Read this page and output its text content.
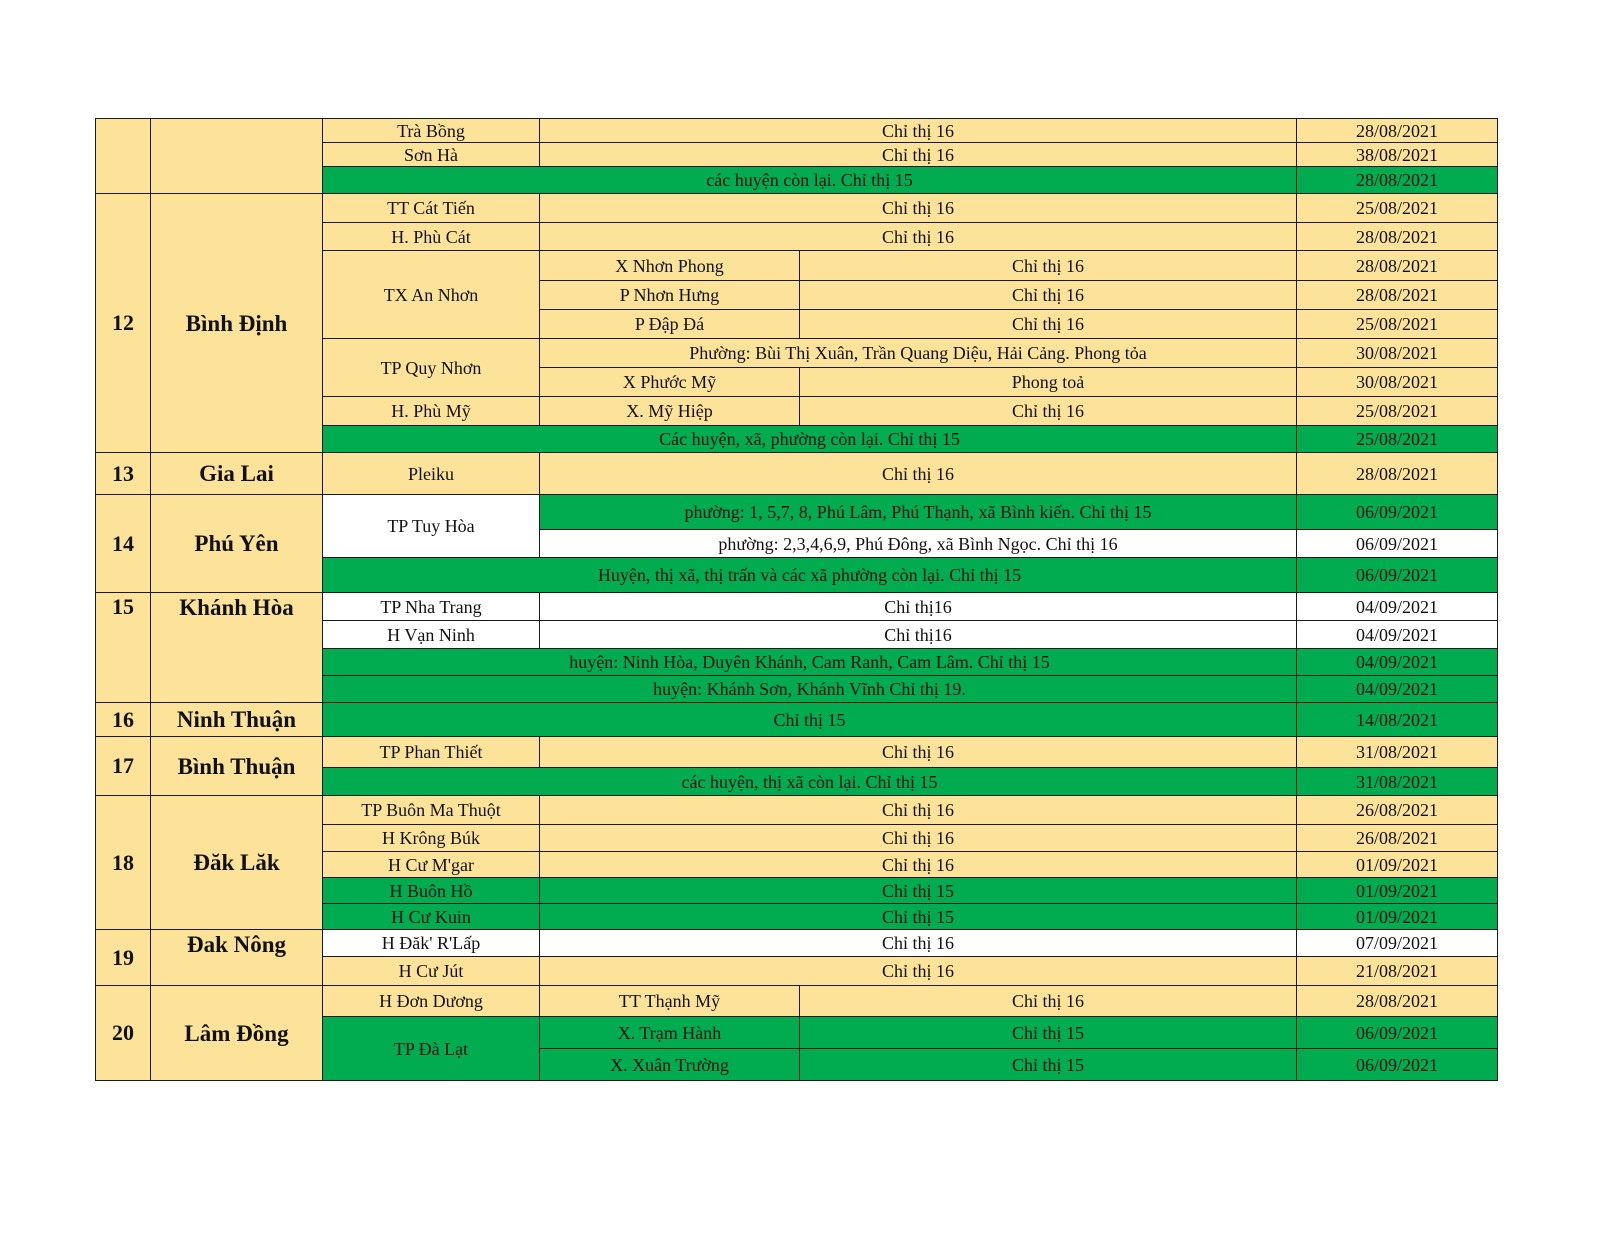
		Trà Bồng	Chỉ thị 16		28/08/2021
		Sơn Hà	Chỉ thị 16		38/08/2021
		các huyện còn lại. Chỉ thị 15			28/08/2021
12	Bình Định	TT Cát Tiến	Chỉ thị 16		25/08/2021
		H. Phù Cát	Chỉ thị 16		28/08/2021
		TX An Nhơn	X Nhơn Phong	Chỉ thị 16	28/08/2021
			P Nhơn Hưng	Chỉ thị 16	28/08/2021
			P Đập Đá	Chỉ thị 16	25/08/2021
		TP Quy Nhơn	Phường: Bùi Thị Xuân, Trần Quang Diệu, Hải Cảng. Phong tỏa		30/08/2021
			X Phước Mỹ	Phong toả	30/08/2021
		H. Phù Mỹ	X. Mỹ Hiệp	Chỉ thị 16	25/08/2021
		Các huyện, xã, phường còn lại. Chỉ thị 15			25/08/2021
13	Gia Lai	Pleiku	Chỉ thị 16		28/08/2021
14	Phú Yên	TP Tuy Hòa	phường: 1, 5,7, 8, Phú Lâm, Phú Thạnh, xã Bình kiến. Chỉ thị 15		06/09/2021
			phường: 2,3,4,6,9, Phú Đông, xã Bình Ngọc. Chỉ thị 16		06/09/2021
		Huyện, thị xã, thị trấn và các xã phường còn lại. Chỉ thị 15			06/09/2021
15	Khánh Hòa	TP Nha Trang	Chỉ thị16		04/09/2021
		H Vạn Ninh	Chỉ thị16		04/09/2021
		huyện: Ninh Hòa, Duyên Khánh, Cam Ranh, Cam Lâm. Chỉ thị 15			04/09/2021
		huyện: Khánh Sơn, Khánh Vĩnh Chỉ thị 19.			04/09/2021
16	Ninh Thuận	Chỉ thị 15			14/08/2021
17	Bình Thuận	TP Phan Thiết	Chỉ thị 16		31/08/2021
		các huyện, thị xã còn lại. Chỉ thị 15			31/08/2021
18	Đăk Lăk	TP Buôn Ma Thuột	Chỉ thị 16		26/08/2021
		H Krông Búk	Chỉ thị 16		26/08/2021
		H Cư M'gar	Chỉ thị 16		01/09/2021
		H Buôn Hồ	Chỉ thị 15		01/09/2021
		H Cư Kuin	Chỉ thị 15		01/09/2021
19	Đak Nông	H Đăk' R'Lấp	Chỉ thị 16		07/09/2021
		H Cư Jút	Chỉ thị 16		21/08/2021
20	Lâm Đồng	H Đơn Dương	TT Thạnh Mỹ	Chỉ thị 16	28/08/2021
		TP Đà Lạt	X. Trạm Hành	Chỉ thị 15	06/09/2021
			X. Xuân Trường	Chỉ thị 15	06/09/2021
